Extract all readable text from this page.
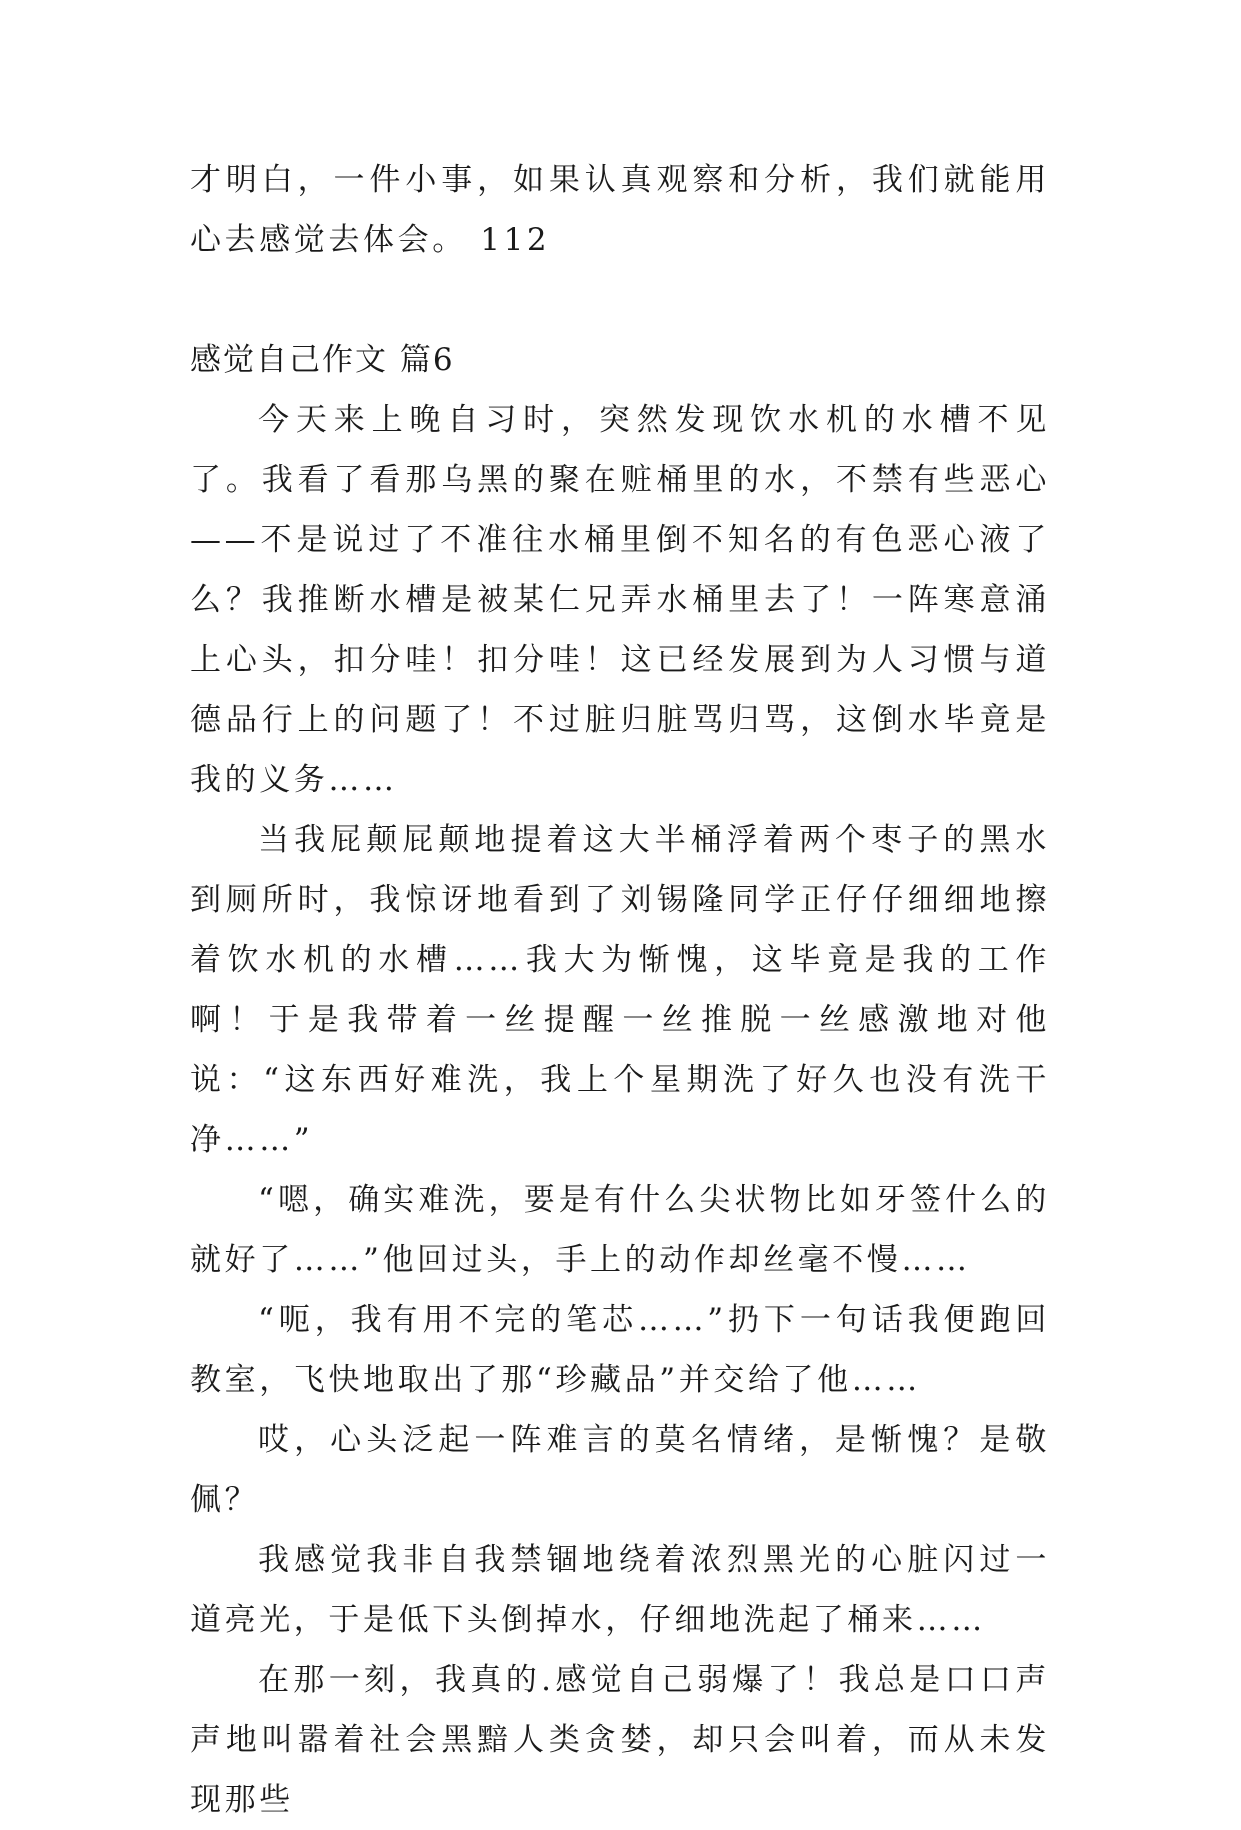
才明白，一件小事，如果认真观察和分析，我们就能用心去感觉去体会。 112

感觉自己作文 篇6

今天来上晚自习时，突然发现饮水机的水槽不见了。我看了看那乌黑的聚在赃桶里的水，不禁有些恶心——不是说过了不准往水桶里倒不知名的有色恶心液了么？我推断水槽是被某仁兄弄水桶里去了！一阵寒意涌上心头，扣分哇！扣分哇！这已经发展到为人习惯与道德品行上的问题了！不过脏归脏骂归骂，这倒水毕竟是我的义务……

当我屁颠屁颠地提着这大半桶浮着两个枣子的黑水到厕所时，我惊讶地看到了刘锡隆同学正仔仔细细地擦着饮水机的水槽……我大为惭愧，这毕竟是我的工作啊！于是我带着一丝提醒一丝推脱一丝感激地对他说：“这东西好难洗，我上个星期洗了好久也没有洗干净……”

“嗯，确实难洗，要是有什么尖状物比如牙签什么的就好了……”他回过头，手上的动作却丝毫不慢……

“呃，我有用不完的笔芯……”扔下一句话我便跑回教室，飞快地取出了那“珍藏品”并交给了他……

哎，心头泛起一阵难言的莫名情绪，是惭愧？是敬佩？

我感觉我非自我禁锢地绕着浓烈黑光的心脏闪过一道亮光，于是低下头倒掉水，仔细地洗起了桶来……

在那一刻，我真的.感觉自己弱爆了！我总是口口声声地叫嚣着社会黑黯人类贪婪，却只会叫着，而从未发现那些
